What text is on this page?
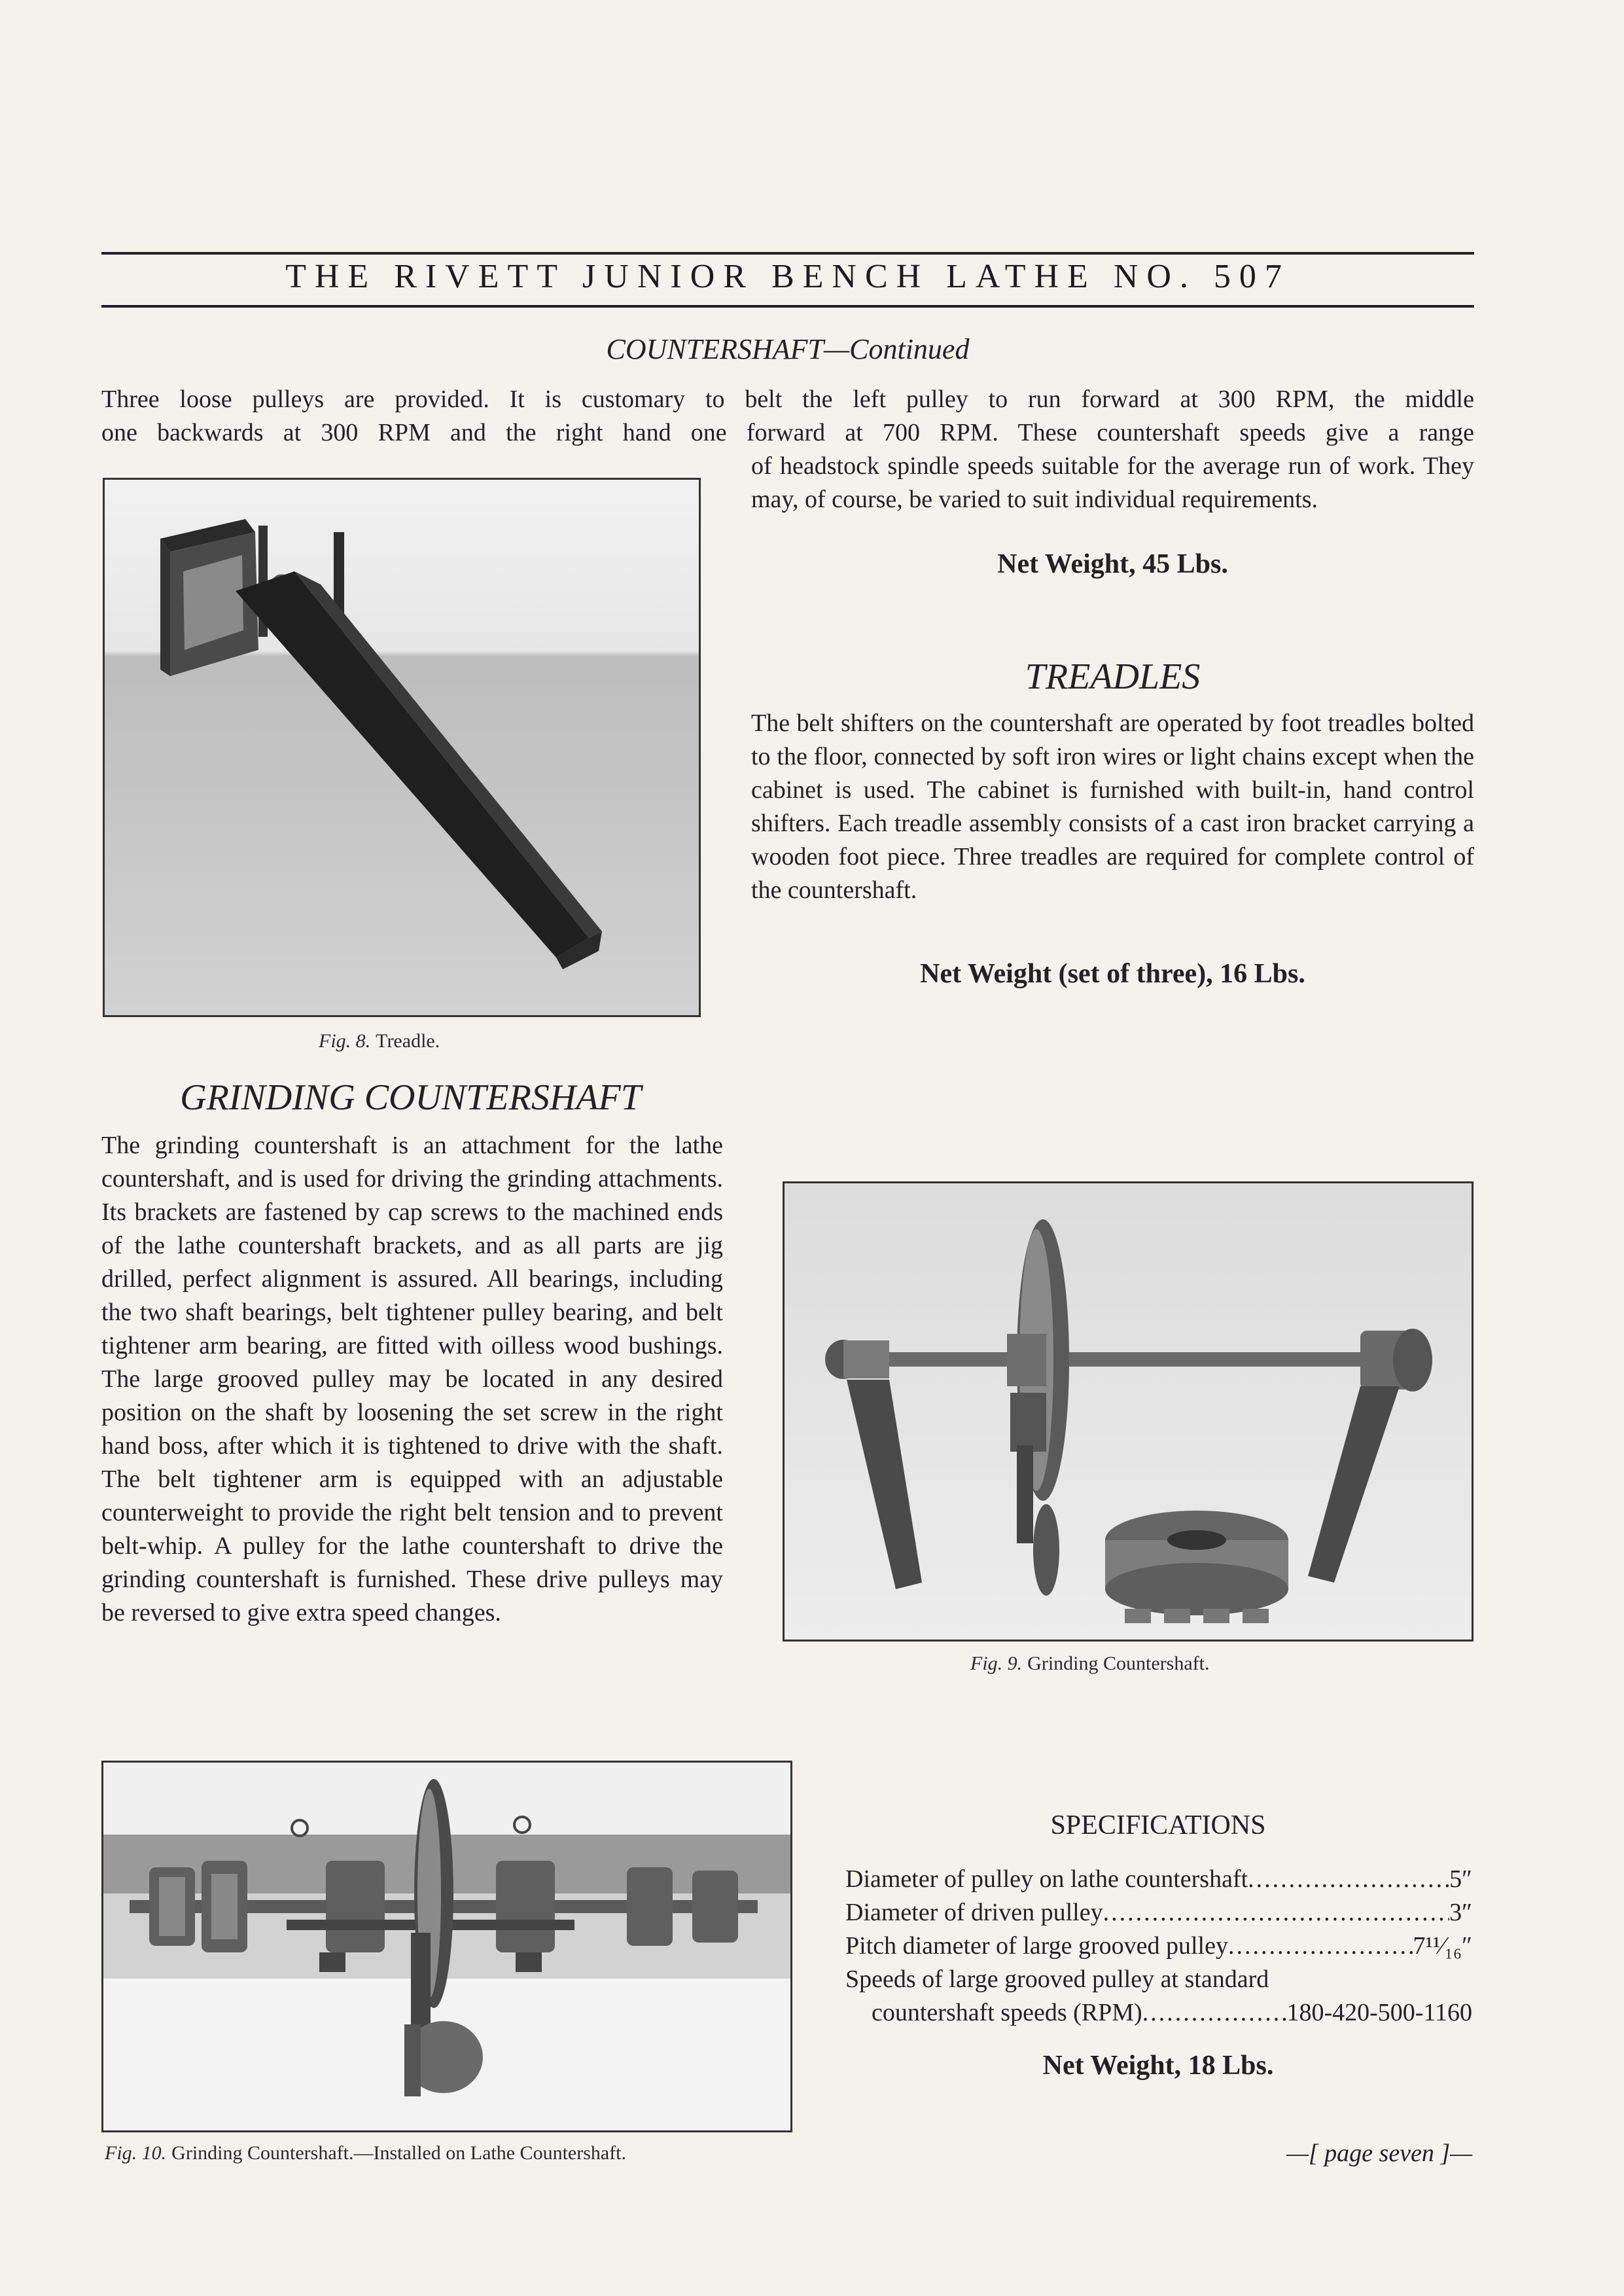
THE RIVETT JUNIOR BENCH LATHE NO. 507
COUNTERSHAFT—Continued
Three loose pulleys are provided. It is customary to belt the left pulley to run forward at 300 RPM, the middle
one backwards at 300 RPM and the right hand one forward at 700 RPM. These countershaft speeds give a range
of headstock spindle speeds suitable for the average run of work. They may, of course, be varied to suit individual requirements.
Net Weight, 45 Lbs.
Fig. 8. Treadle.
TREADLES
The belt shifters on the countershaft are operated by foot treadles bolted to the floor, connected by soft iron wires or light chains except when the cabinet is used. The cabinet is furnished with built-in, hand control shifters. Each treadle assembly consists of a cast iron bracket carrying a wooden foot piece. Three treadles are required for complete control of the countershaft.
Net Weight (set of three), 16 Lbs.
GRINDING COUNTERSHAFT
The grinding countershaft is an attachment for the lathe countershaft, and is used for driving the grinding attachments. Its brackets are fastened by cap screws to the machined ends of the lathe countershaft brackets, and as all parts are jig drilled, perfect alignment is assured. All bearings, including the two shaft bearings, belt tightener pulley bearing, and belt tightener arm bearing, are fitted with oilless wood bushings. The large grooved pulley may be located in any desired position on the shaft by loosening the set screw in the right hand boss, after which it is tightened to drive with the shaft. The belt tightener arm is equipped with an adjustable counterweight to provide the right belt tension and to prevent belt-whip. A pulley for the lathe countershaft to drive the grinding countershaft is furnished. These drive pulleys may be reversed to give extra speed changes.
Fig. 9. Grinding Countershaft.
Fig. 10. Grinding Countershaft.—Installed on Lathe Countershaft.
SPECIFICATIONS
Diameter of pulley on lathe countershaft .....	5″
Diameter of driven pulley .....	3″
Pitch diameter of large grooved pulley .....	7¹¹⁄₁₆″
Speeds of large grooved pulley at standard
countershaft speeds (RPM) .....	180-420-500-1160
Net Weight, 18 Lbs.
—[ page seven ]—
